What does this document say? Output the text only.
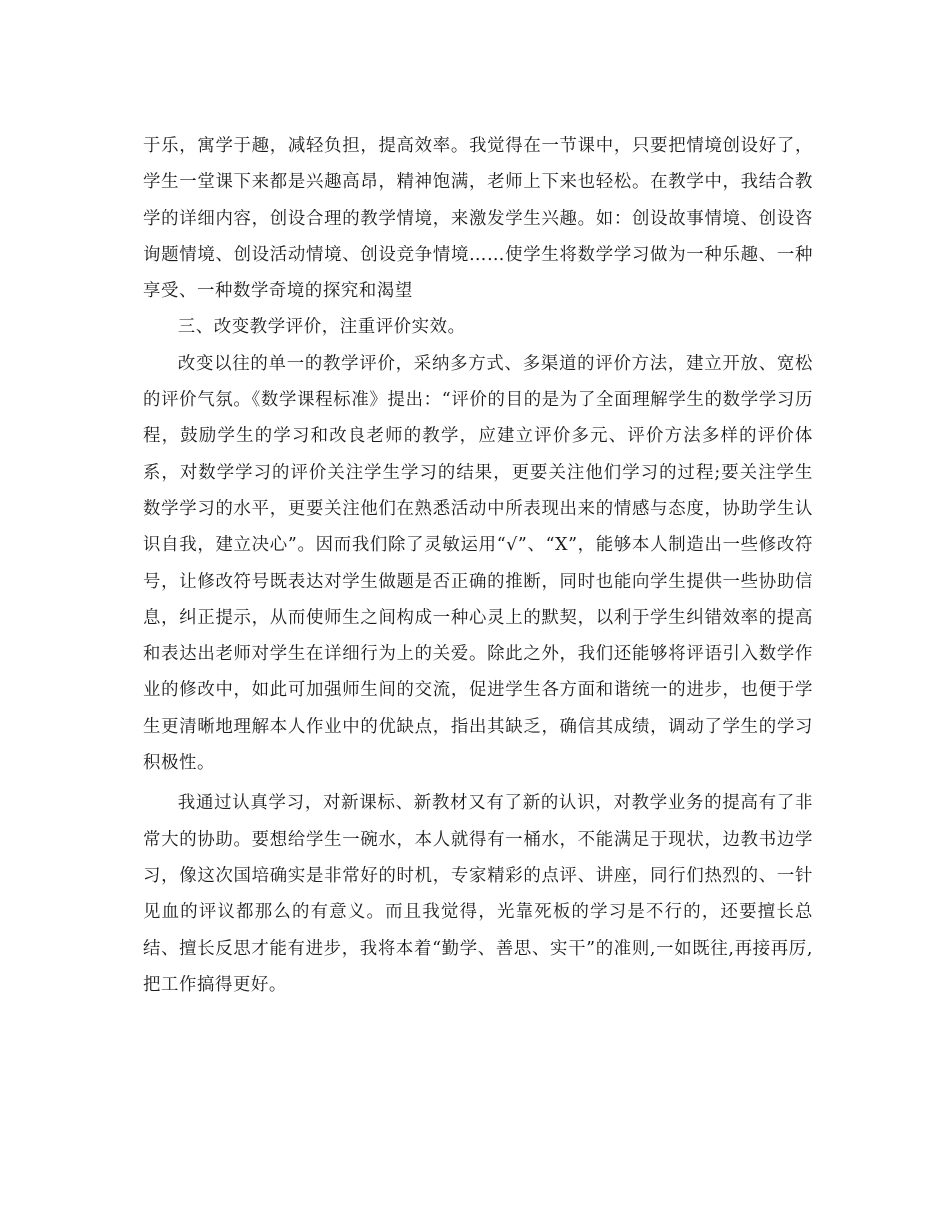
于乐，寓学于趣，减轻负担，提高效率。我觉得在一节课中，只要把情境创设好了，学生一堂课下来都是兴趣高昂，精神饱满，老师上下来也轻松。在教学中，我结合教学的详细内容，创设合理的教学情境，来激发学生兴趣。如：创设故事情境、创设咨询题情境、创设活动情境、创设竞争情境……使学生将数学学习做为一种乐趣、一种享受、一种数学奇境的探究和渴望

三、改变教学评价，注重评价实效。

改变以往的单一的教学评价，采纳多方式、多渠道的评价方法，建立开放、宽松的评价气氛。《数学课程标准》提出：“评价的目的是为了全面理解学生的数学学习历程，鼓励学生的学习和改良老师的教学，应建立评价多元、评价方法多样的评价体系，对数学学习的评价关注学生学习的结果，更要关注他们学习的过程;要关注学生数学学习的水平，更要关注他们在熟悉活动中所表现出来的情感与态度，协助学生认识自我，建立决心”。因而我们除了灵敏运用“√”、“X”，能够本人制造出一些修改符号，让修改符号既表达对学生做题是否正确的推断，同时也能向学生提供一些协助信息，纠正提示，从而使师生之间构成一种心灵上的默契，以利于学生纠错效率的提高和表达出老师对学生在详细行为上的关爱。除此之外，我们还能够将评语引入数学作业的修改中，如此可加强师生间的交流，促进学生各方面和谐统一的进步，也便于学生更清晰地理解本人作业中的优缺点，指出其缺乏，确信其成绩，调动了学生的学习积极性。

我通过认真学习，对新课标、新教材又有了新的认识，对教学业务的提高有了非常大的协助。要想给学生一碗水，本人就得有一桶水，不能满足于现状，边教书边学习，像这次国培确实是非常好的时机，专家精彩的点评、讲座，同行们热烈的、一针见血的评议都那么的有意义。而且我觉得，光靠死板的学习是不行的，还要擅长总结、擅长反思才能有进步，我将本着“勤学、善思、实干”的准则,一如既往,再接再厉,把工作搞得更好。
